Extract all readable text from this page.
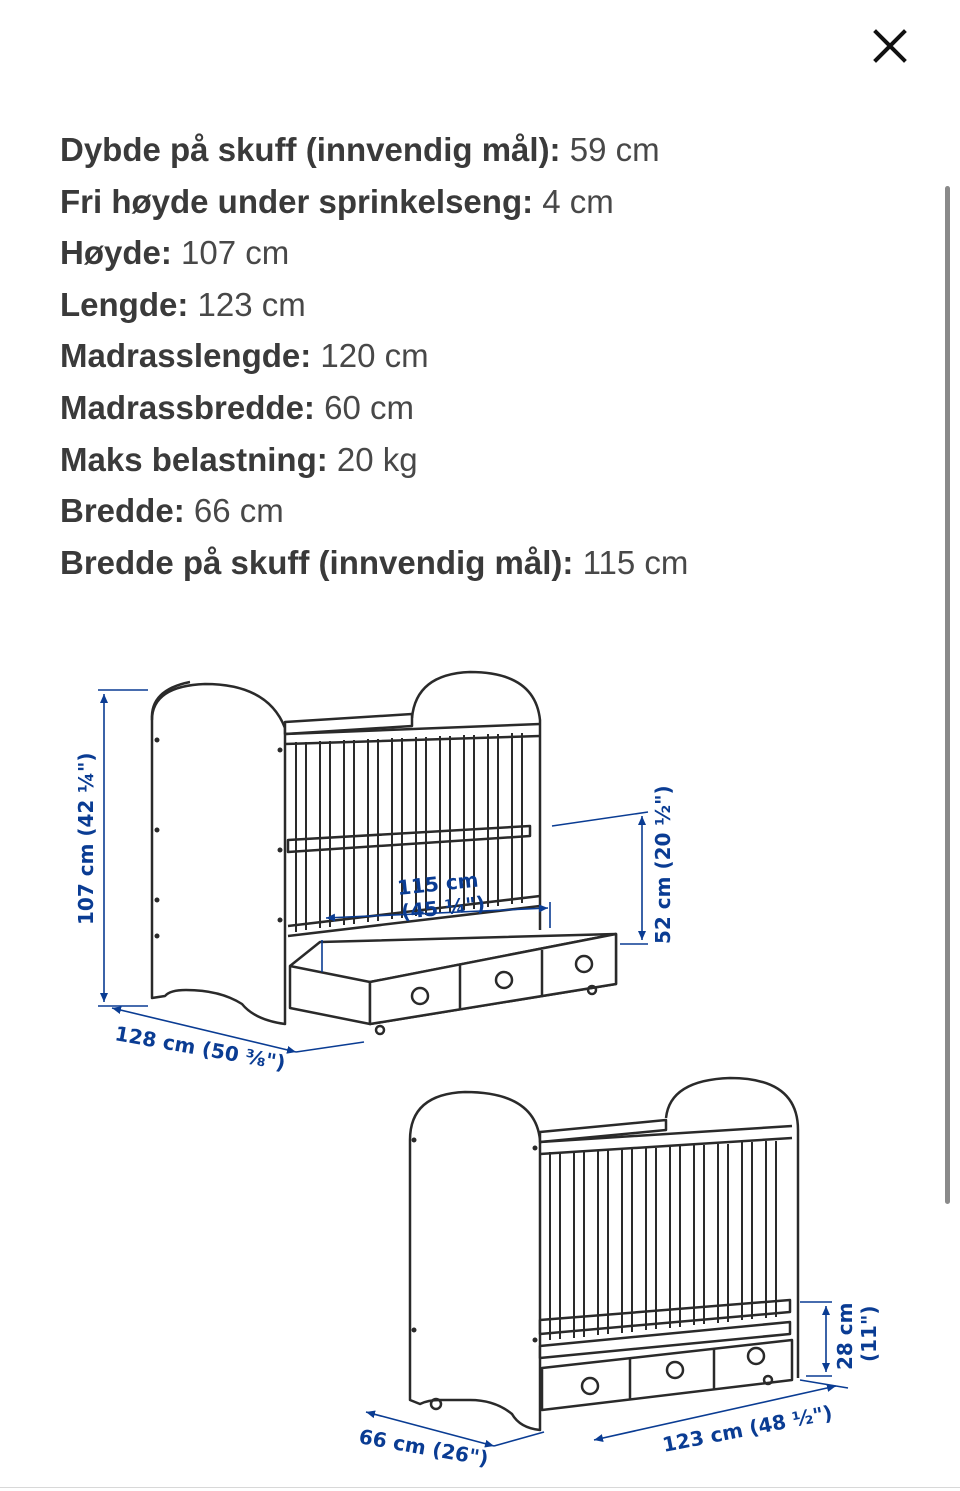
Dybde på skuff (innvendig mål): 59 cm
Fri høyde under sprinkelseng: 4 cm
Høyde: 107 cm
Lengde: 123 cm
Madrasslengde: 120 cm
Madrassbredde: 60 cm
Maks belastning: 20 kg
Bredde: 66 cm
Bredde på skuff (innvendig mål): 115 cm
107 cm (42 ¼")
128 cm (50 ⅜")
115 cm
(45 ¼")	52 cm (20 ½")
66 cm (26")	123 cm (48 ½")
28 cm (11")
